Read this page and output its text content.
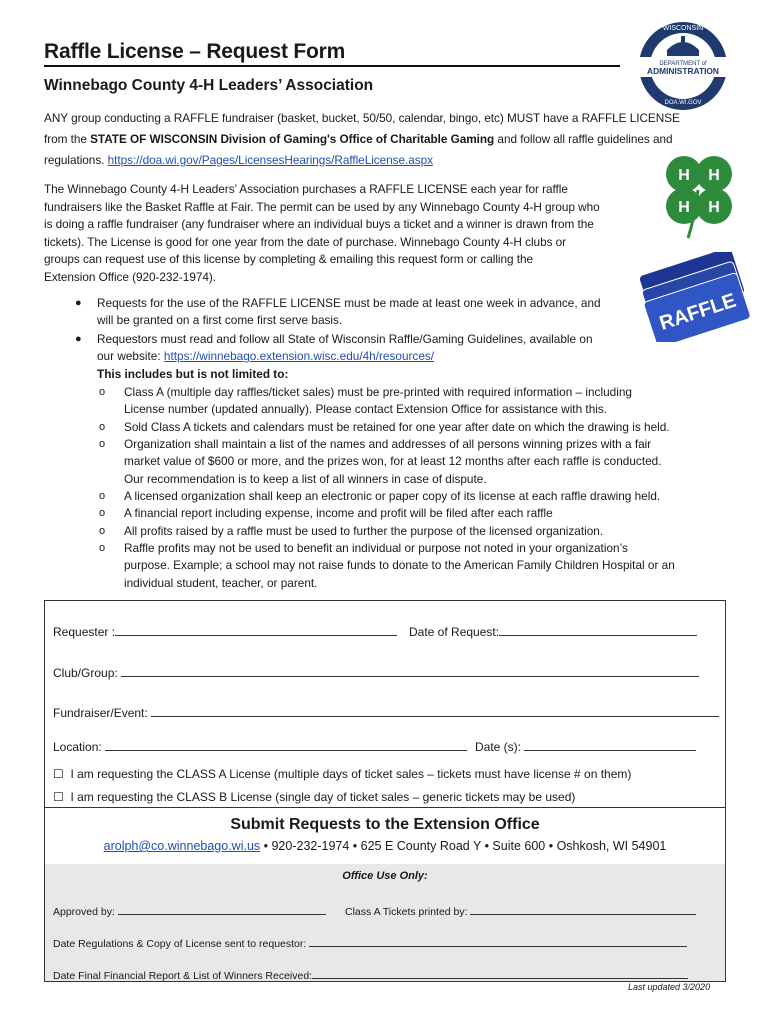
Raffle License – Request Form
Winnebago County 4-H Leaders’ Association
WISCONSIN
DEPARTMENT of
ADMINISTRATION
DOA.WI.GOV
H H
H H
RAFFLE
ANY group conducting a RAFFLE fundraiser (basket, bucket, 50/50, calendar, bingo, etc) MUST have a RAFFLE LICENSE
from the STATE OF WISCONSIN Division of Gaming's Office of Charitable Gaming and follow all raffle guidelines and
regulations. https://doa.wi.gov/Pages/LicensesHearings/RaffleLicense.aspx
The Winnebago County 4-H Leaders’ Association purchases a RAFFLE LICENSE each year for raffle
fundraisers like the Basket Raffle at Fair. The permit can be used by any Winnebago County 4-H group who
is doing a raffle fundraiser (any fundraiser where an individual buys a ticket and a winner is drawn from the
tickets). The License is good for one year from the date of purchase. Winnebago County 4-H clubs or
groups can request use of this license by completing & emailing this request form or calling the
Extension Office (920-232-1974).
● Requests for the use of the RAFFLE LICENSE must be made at least one week in advance, and
will be granted on a first come first serve basis.
● Requestors must read and follow all State of Wisconsin Raffle/Gaming Guidelines, available on
our website: https://winnebago.extension.wisc.edu/4h/resources/
This includes but is not limited to:
o Class A (multiple day raffles/ticket sales) must be pre-printed with required information – including
License number (updated annually). Please contact Extension Office for assistance with this.
o Sold Class A tickets and calendars must be retained for one year after date on which the drawing is held.
o Organization shall maintain a list of the names and addresses of all persons winning prizes with a fair
market value of $600 or more, and the prizes won, for at least 12 months after each raffle is conducted.
Our recommendation is to keep a list of all winners in case of dispute.
o A licensed organization shall keep an electronic or paper copy of its license at each raffle drawing held.
o A financial report including expense, income and profit will be filed after each raffle
o All profits raised by a raffle must be used to further the purpose of the licensed organization.
o Raffle profits may not be used to benefit an individual or purpose not noted in your organization’s
purpose. Example; a school may not raise funds to donate to the American Family Children Hospital or an
individual student, teacher, or parent.
Requester :	Date of Request:
Club/Group:
Fundraiser/Event:
Location:	Date (s):
☐ I am requesting the CLASS A License (multiple days of ticket sales – tickets must have license # on them)
☐ I am requesting the CLASS B License (single day of ticket sales – generic tickets may be used)
Submit Requests to the Extension Office
arolph@co.winnebago.wi.us • 920-232-1974 • 625 E County Road Y • Suite 600 • Oshkosh, WI 54901
Office Use Only:
Approved by:	Class A Tickets printed by:
Date Regulations & Copy of License sent to requestor:
Date Final Financial Report & List of Winners Received:
Last updated 3/2020
